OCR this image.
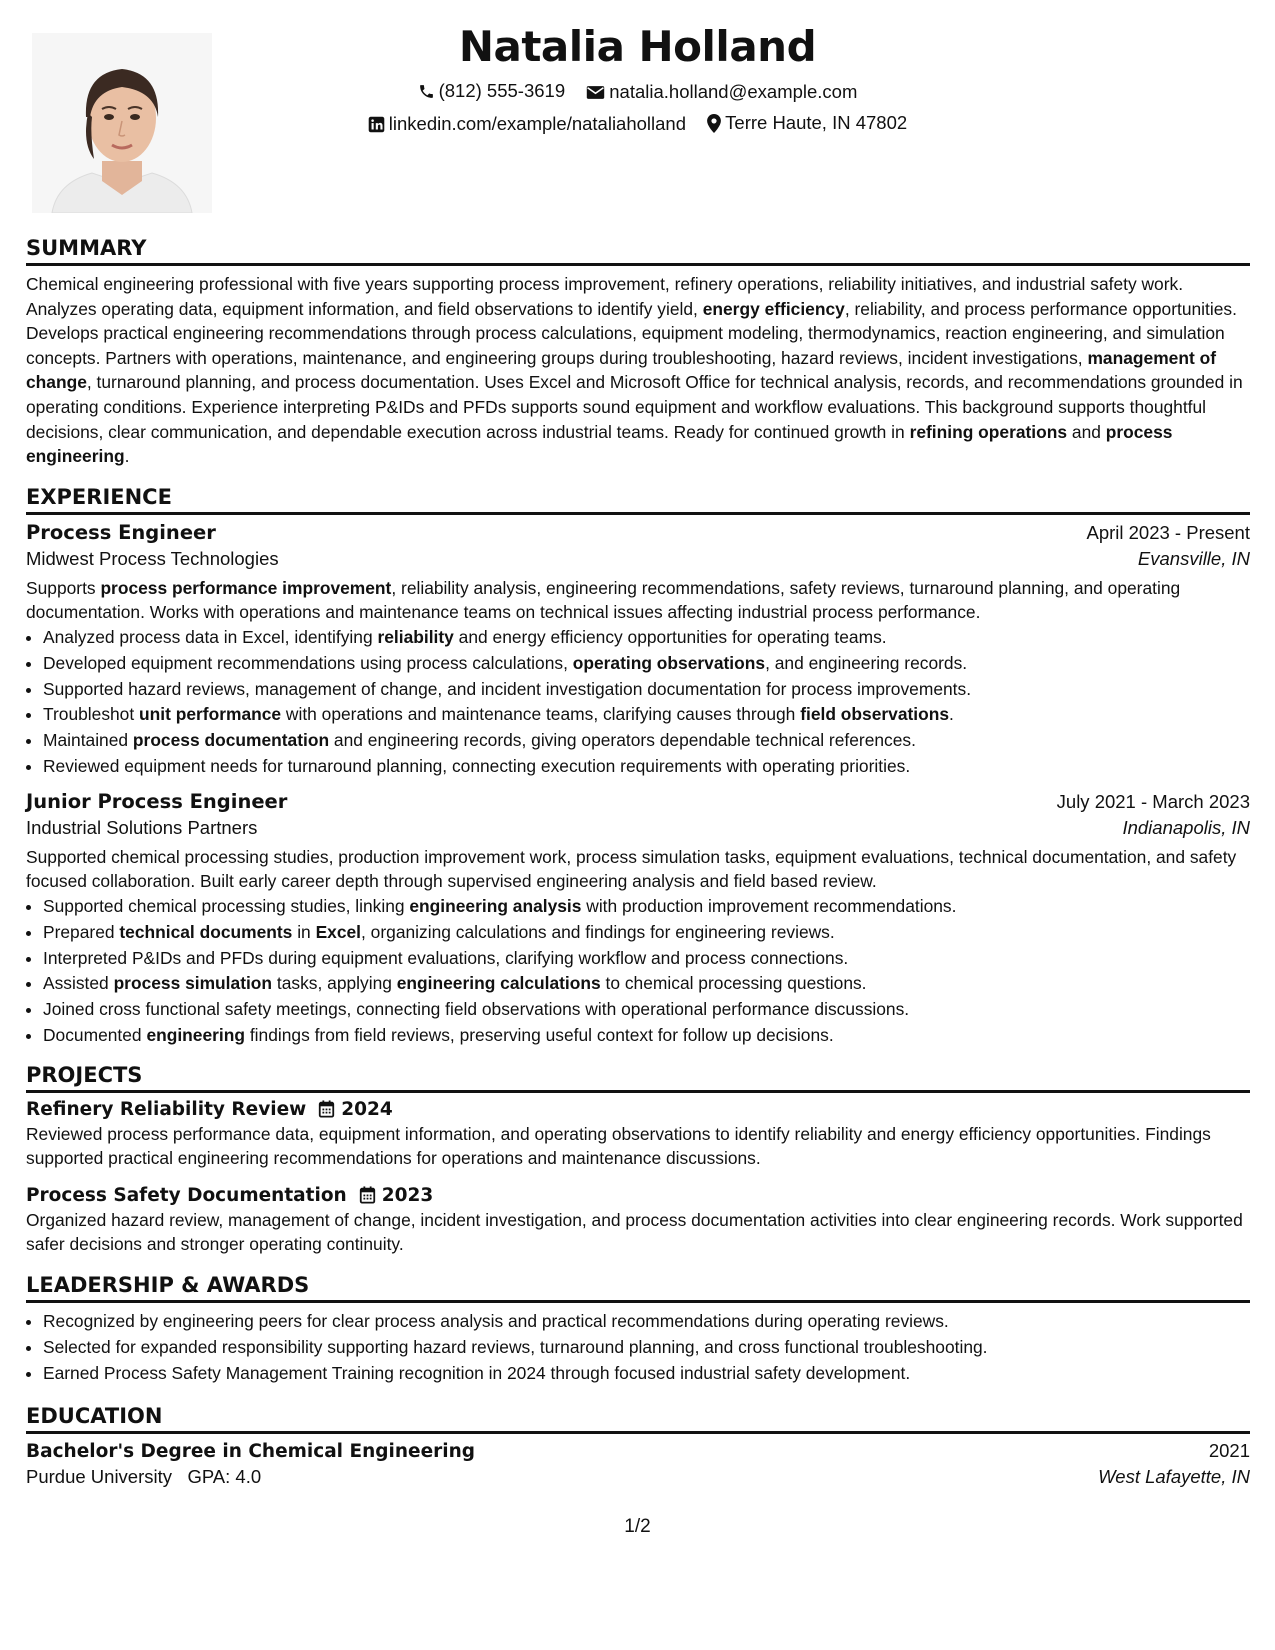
Natalia Holland
(812) 555-3619
natalia.holland@example.com
linkedin.com/example/nataliaholland
Terre Haute, IN 47802
SUMMARY

Chemical engineering professional with five years supporting process improvement, refinery operations, reliability initiatives, and industrial safety work. Analyzes operating data, equipment information, and field observations to identify yield, energy efficiency, reliability, and process performance opportunities. Develops practical engineering recommendations through process calculations, equipment modeling, thermodynamics, reaction engineering, and simulation concepts. Partners with operations, maintenance, and engineering groups during troubleshooting, hazard reviews, incident investigations, management of change, turnaround planning, and process documentation. Uses Excel and Microsoft Office for technical analysis, records, and recommendations grounded in operating conditions. Experience interpreting P&IDs and PFDs supports sound equipment and workflow evaluations. This background supports thoughtful decisions, clear communication, and dependable execution across industrial teams. Ready for continued growth in refining operations and process engineering.

EXPERIENCE
Process Engineer	April 2023 - Present
Midwest Process Technologies	Evansville, IN

Supports process performance improvement, reliability analysis, engineering recommendations, safety reviews, turnaround planning, and operating documentation. Works with operations and maintenance teams on technical issues affecting industrial process performance.

• Analyzed process data in Excel, identifying reliability and energy efficiency opportunities for operating teams.
• Developed equipment recommendations using process calculations, operating observations, and engineering records.
• Supported hazard reviews, management of change, and incident investigation documentation for process improvements.
• Troubleshot unit performance with operations and maintenance teams, clarifying causes through field observations.
• Maintained process documentation and engineering records, giving operators dependable technical references.
• Reviewed equipment needs for turnaround planning, connecting execution requirements with operating priorities.
Junior Process Engineer	July 2021 - March 2023
Industrial Solutions Partners	Indianapolis, IN

Supported chemical processing studies, production improvement work, process simulation tasks, equipment evaluations, technical documentation, and safety focused collaboration. Built early career depth through supervised engineering analysis and field based review.

• Supported chemical processing studies, linking engineering analysis with production improvement recommendations.
• Prepared technical documents in Excel, organizing calculations and findings for engineering reviews.
• Interpreted P&IDs and PFDs during equipment evaluations, clarifying workflow and process connections.
• Assisted process simulation tasks, applying engineering calculations to chemical processing questions.
• Joined cross functional safety meetings, connecting field observations with operational performance discussions.
• Documented engineering findings from field reviews, preserving useful context for follow up decisions.
PROJECTS
Refinery Reliability Review 2024

Reviewed process performance data, equipment information, and operating observations to identify reliability and energy efficiency opportunities. Findings supported practical engineering recommendations for operations and maintenance discussions.

Process Safety Documentation 2023

Organized hazard review, management of change, incident investigation, and process documentation activities into clear engineering records. Work supported safer decisions and stronger operating continuity.

LEADERSHIP & AWARDS
• Recognized by engineering peers for clear process analysis and practical recommendations during operating reviews.
• Selected for expanded responsibility supporting hazard reviews, turnaround planning, and cross functional troubleshooting.
• Earned Process Safety Management Training recognition in 2024 through focused industrial safety development.
EDUCATION
Bachelor's Degree in Chemical Engineering	2021
Purdue University GPA: 4.0	West Lafayette, IN
1/2
